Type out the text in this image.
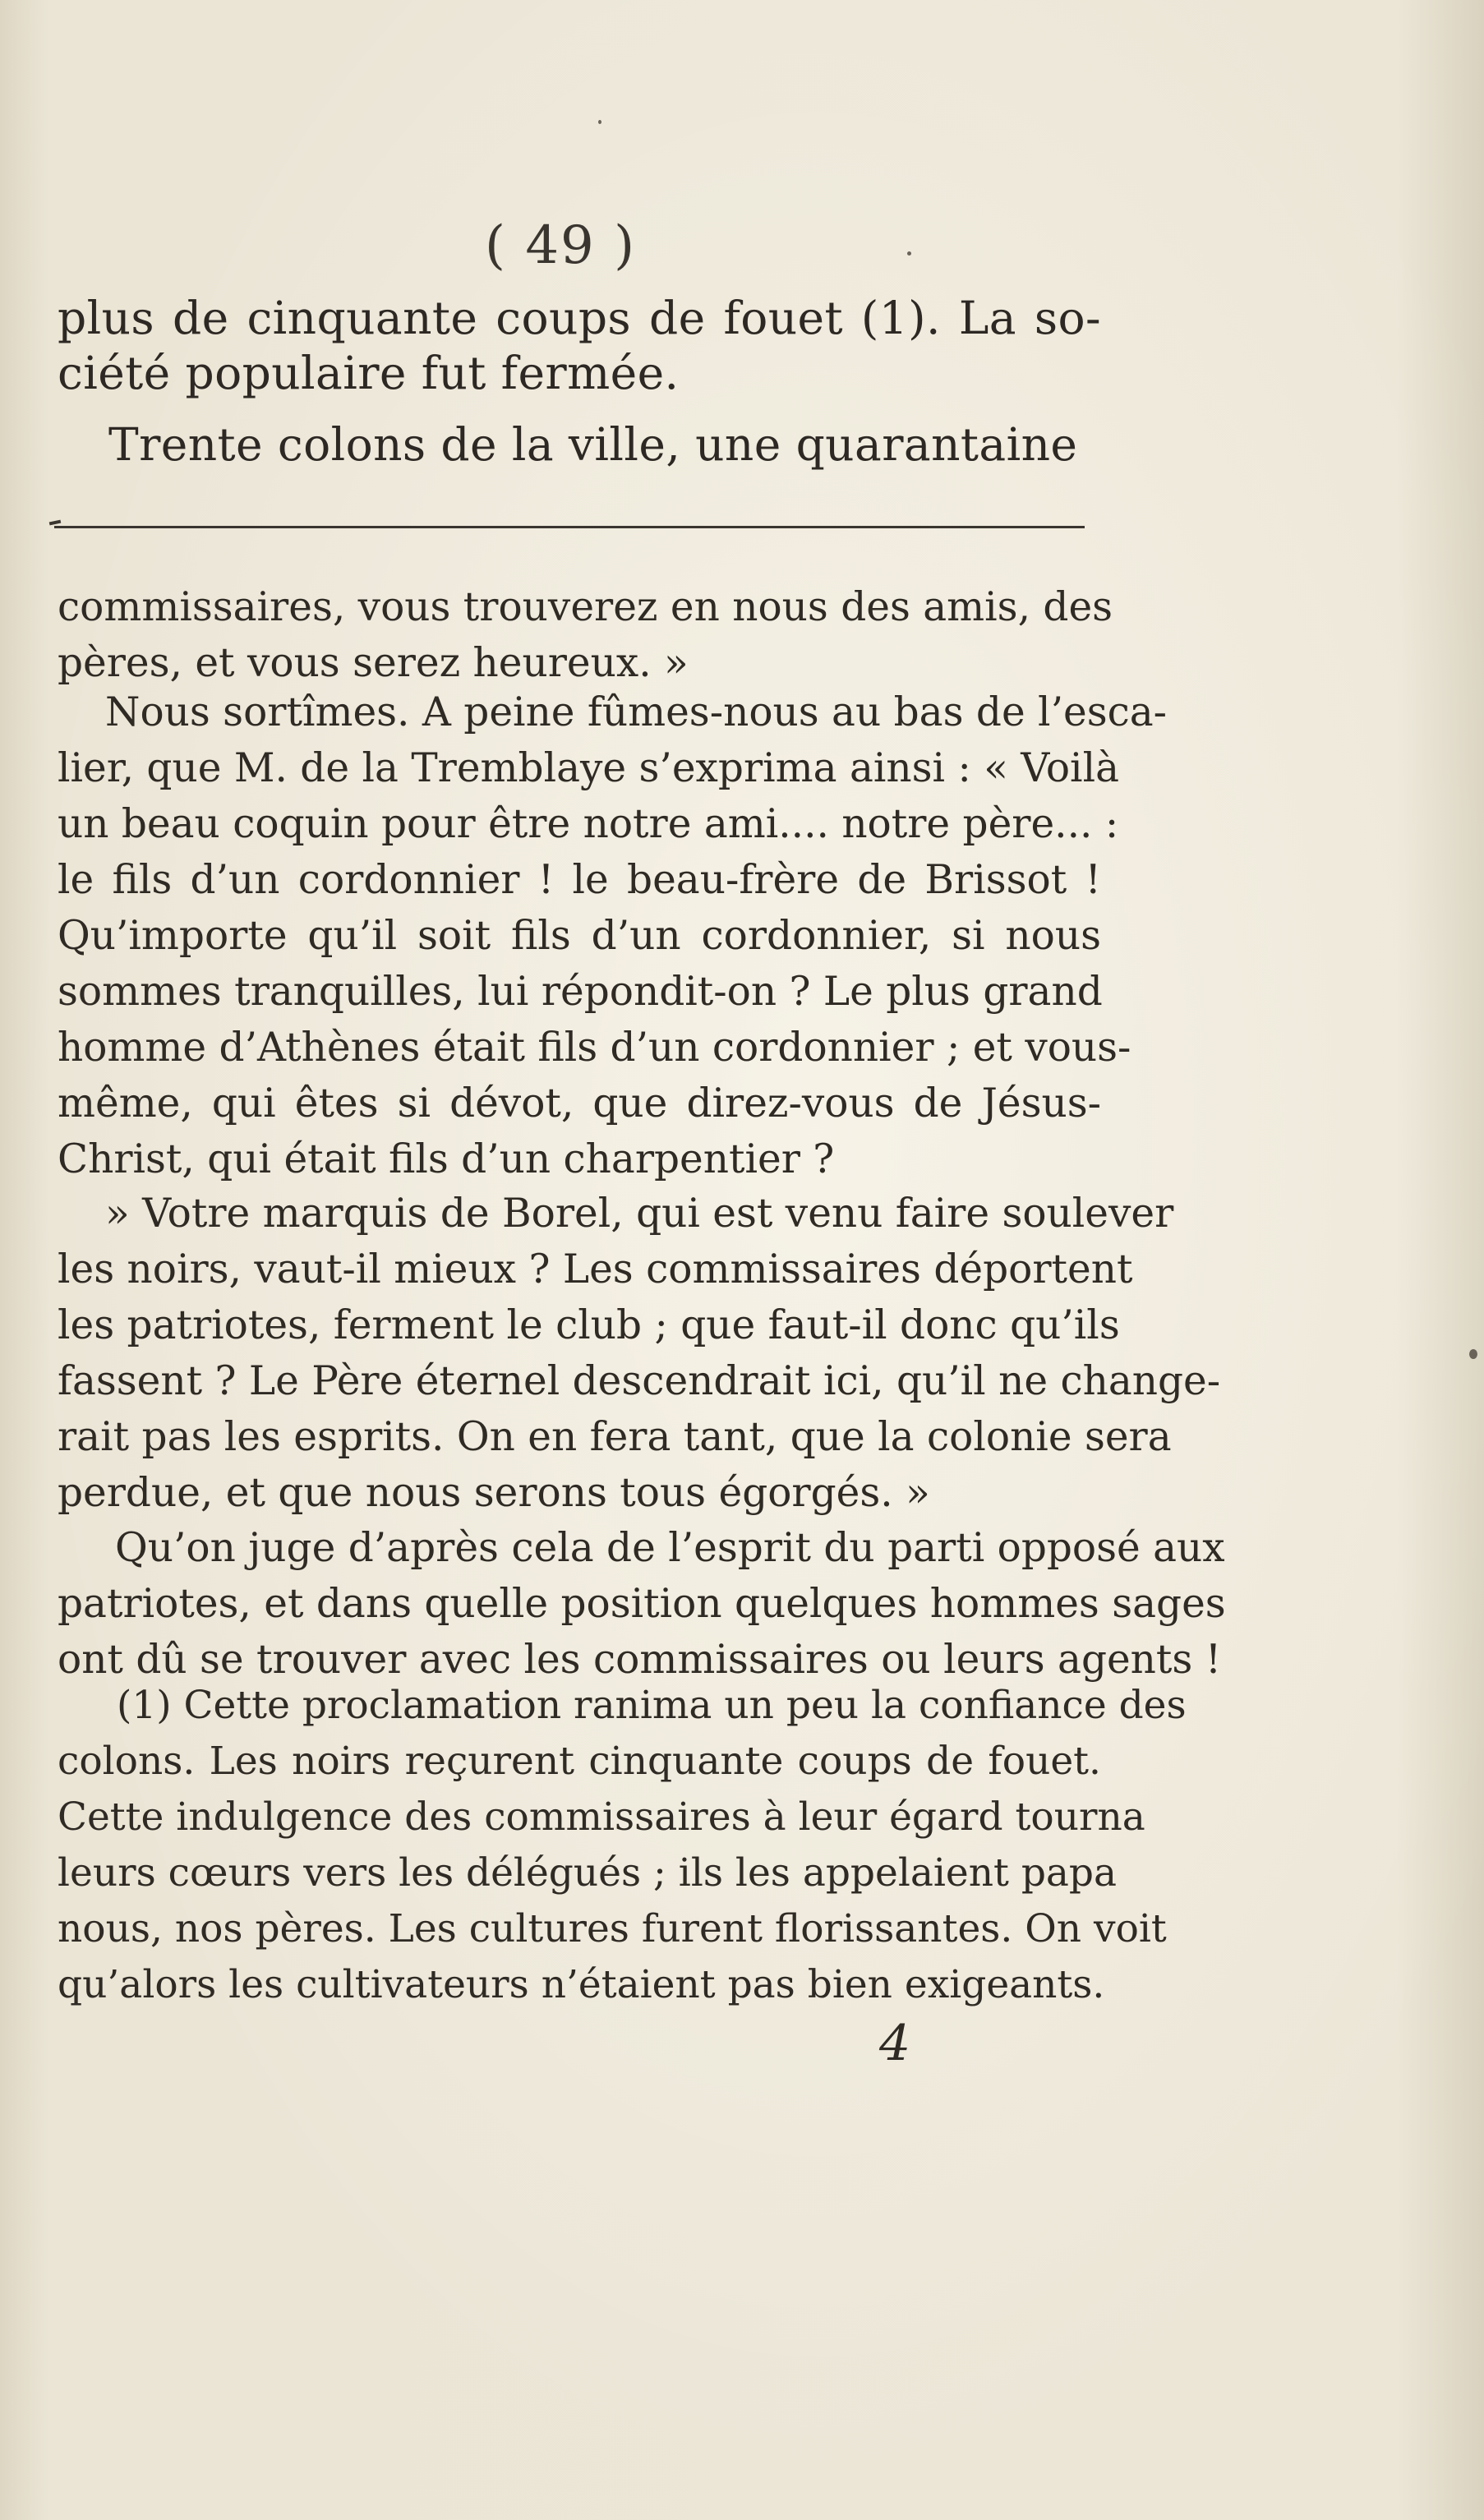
( 49 )
plus de cinquante coups de fouet (1). La so-
ciété populaire fut fermée.
Trente colons de la ville, une quarantaine
commissaires, vous trouverez en nous des amis, des
pères, et vous serez heureux. »
Nous sortîmes. A peine fûmes-nous au bas de l’esca-
lier, que M. de la Tremblaye s’exprima ainsi : « Voilà
un beau coquin pour être notre ami.... notre père... :
le fils d’un cordonnier ! le beau-frère de Brissot !
Qu’importe qu’il soit fils d’un cordonnier, si nous
sommes tranquilles, lui répondit-on ? Le plus grand
homme d’Athènes était fils d’un cordonnier ; et vous-
même, qui êtes si dévot, que direz-vous de Jésus-
Christ, qui était fils d’un charpentier ?
» Votre marquis de Borel, qui est venu faire soulever
les noirs, vaut-il mieux ? Les commissaires déportent
les patriotes, ferment le club ; que faut-il donc qu’ils
fassent ? Le Père éternel descendrait ici, qu’il ne change-
rait pas les esprits. On en fera tant, que la colonie sera
perdue, et que nous serons tous égorgés. »
Qu’on juge d’après cela de l’esprit du parti opposé aux
patriotes, et dans quelle position quelques hommes sages
ont dû se trouver avec les commissaires ou leurs agents !
(1) Cette proclamation ranima un peu la confiance des
colons. Les noirs reçurent cinquante coups de fouet.
Cette indulgence des commissaires à leur égard tourna
leurs cœurs vers les délégués ; ils les appelaient papa
nous, nos pères. Les cultures furent florissantes. On voit
qu’alors les cultivateurs n’étaient pas bien exigeants.
4
